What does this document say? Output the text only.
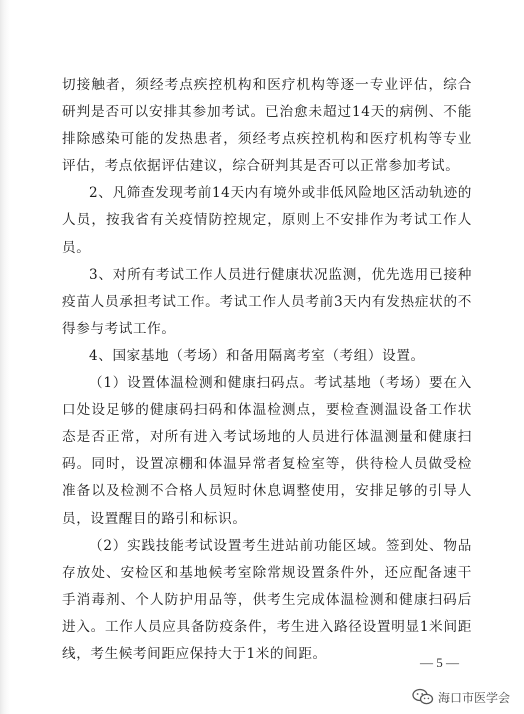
切接触者，须经考点疾控机构和医疗机构等逐一专业评估，综合研判是否可以安排其参加考试。已治愈未超过14天的病例、不能排除感染可能的发热患者，须经考点疾控机构和医疗机构等专业评估，考点依据评估建议，综合研判其是否可以正常参加考试。

2、凡筛查发现考前14天内有境外或非低风险地区活动轨迹的人员，按我省有关疫情防控规定，原则上不安排作为考试工作人员。

3、对所有考试工作人员进行健康状况监测，优先选用已接种疫苗人员承担考试工作。考试工作人员考前3天内有发热症状的不得参与考试工作。

4、国家基地（考场）和备用隔离考室（考组）设置。

（1）设置体温检测和健康扫码点。考试基地（考场）要在入口处设足够的健康码扫码和体温检测点，要检查测温设备工作状态是否正常，对所有进入考试场地的人员进行体温测量和健康扫码。同时，设置凉棚和体温异常者复检室等，供待检人员做受检准备以及检测不合格人员短时休息调整使用，安排足够的引导人员，设置醒目的路引和标识。

（2）实践技能考试设置考生进站前功能区域。签到处、物品存放处、安检区和基地候考室除常规设置条件外，还应配备速干手消毒剂、个人防护用品等，供考生完成体温检测和健康扫码后进入。工作人员应具备防疫条件，考生进入路径设置明显1米间距线，考生候考间距应保持大于1米的间距。

— 5 —
海口市医学会
